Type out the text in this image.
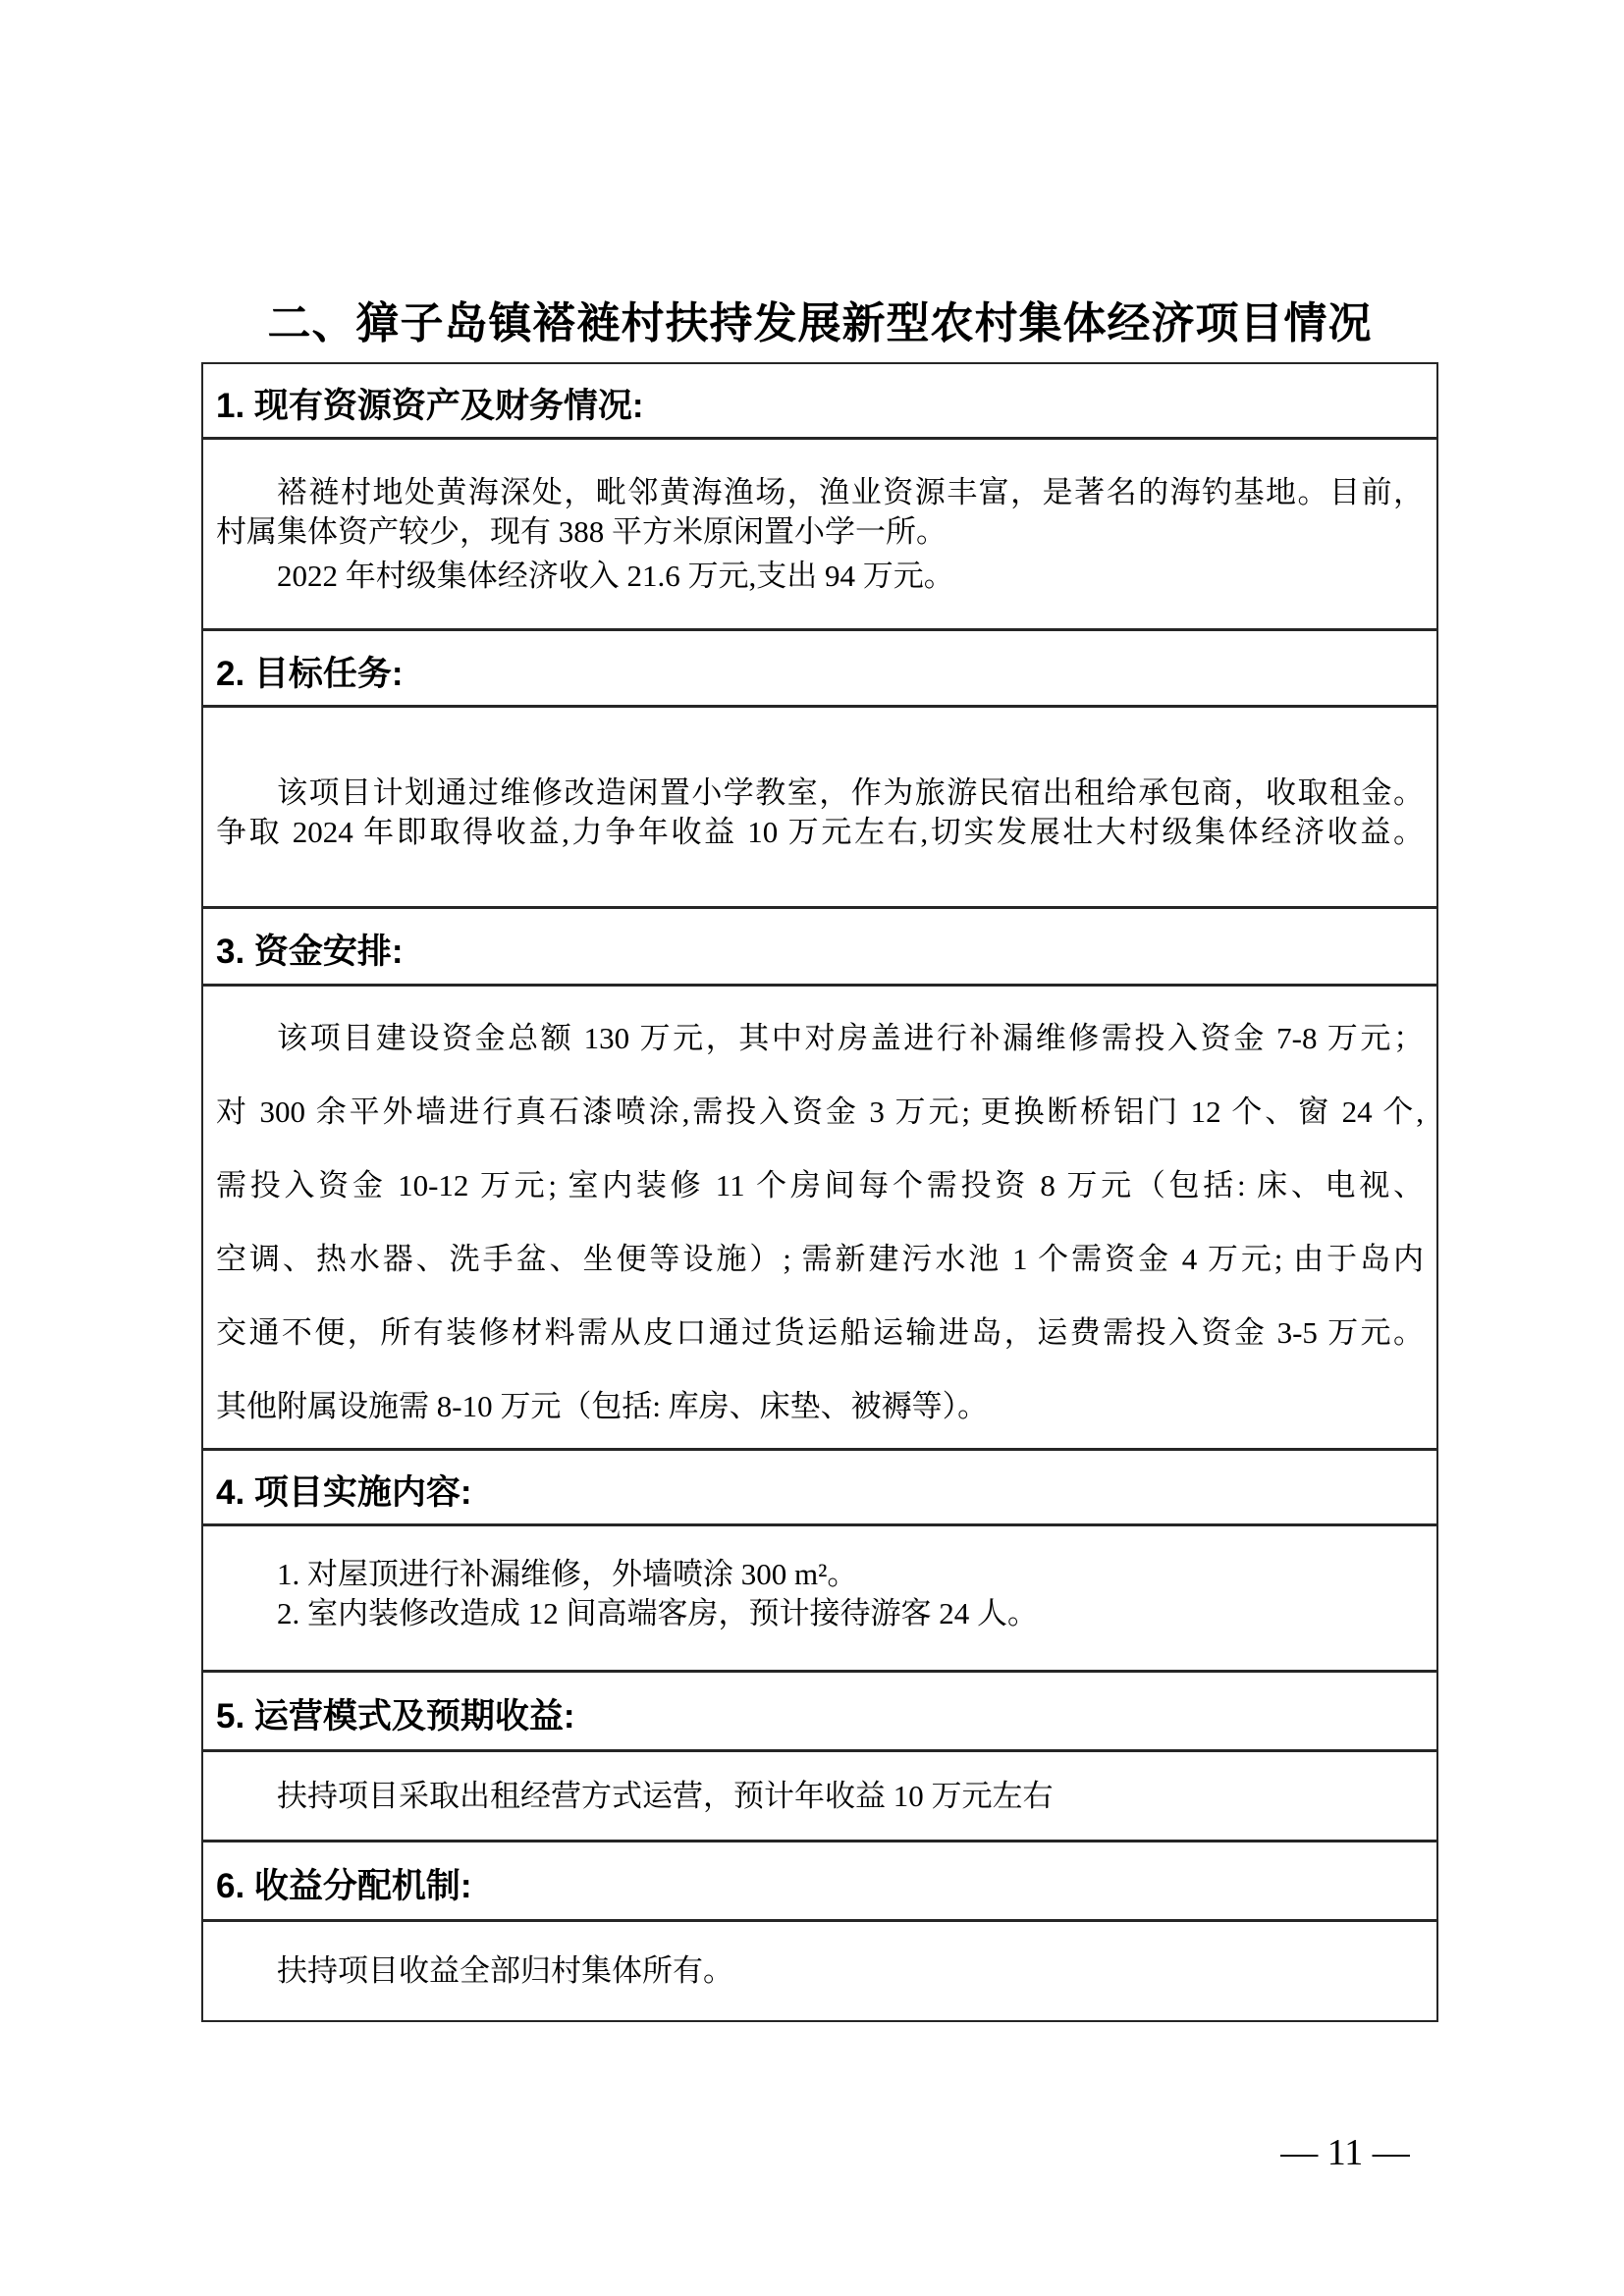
二、獐子岛镇褡裢村扶持发展新型农村集体经济项目情况
1. 现有资源资产及财务情况:
褡裢村地处黄海深处，毗邻黄海渔场，渔业资源丰富，是著名的海钓基地。目前，
村属集体资产较少，现有 388 平方米原闲置小学一所。
2022 年村级集体经济收入 21.6 万元,支出 94 万元。
2. 目标任务:
该项目计划通过维修改造闲置小学教室，作为旅游民宿出租给承包商，收取租金。
争取 2024 年即取得收益,力争年收益 10 万元左右,切实发展壮大村级集体经济收益。
3. 资金安排:
该项目建设资金总额 130 万元，其中对房盖进行补漏维修需投入资金 7-8 万元；
对 300 余平外墙进行真石漆喷涂,需投入资金 3 万元; 更换断桥铝门 12 个、窗 24 个,
需投入资金 10-12 万元; 室内装修 11 个房间每个需投资 8 万元（包括: 床、电视、
空调、热水器、洗手盆、坐便等设施）; 需新建污水池 1 个需资金 4 万元; 由于岛内
交通不便，所有装修材料需从皮口通过货运船运输进岛，运费需投入资金 3-5 万元。
其他附属设施需 8-10 万元（包括: 库房、床垫、被褥等）。
4. 项目实施内容:
1. 对屋顶进行补漏维修，外墙喷涂 300 m²。
2. 室内装修改造成 12 间高端客房，预计接待游客 24 人。
5. 运营模式及预期收益:
扶持项目采取出租经营方式运营，预计年收益 10 万元左右
6. 收益分配机制:
扶持项目收益全部归村集体所有。
— 11 —
